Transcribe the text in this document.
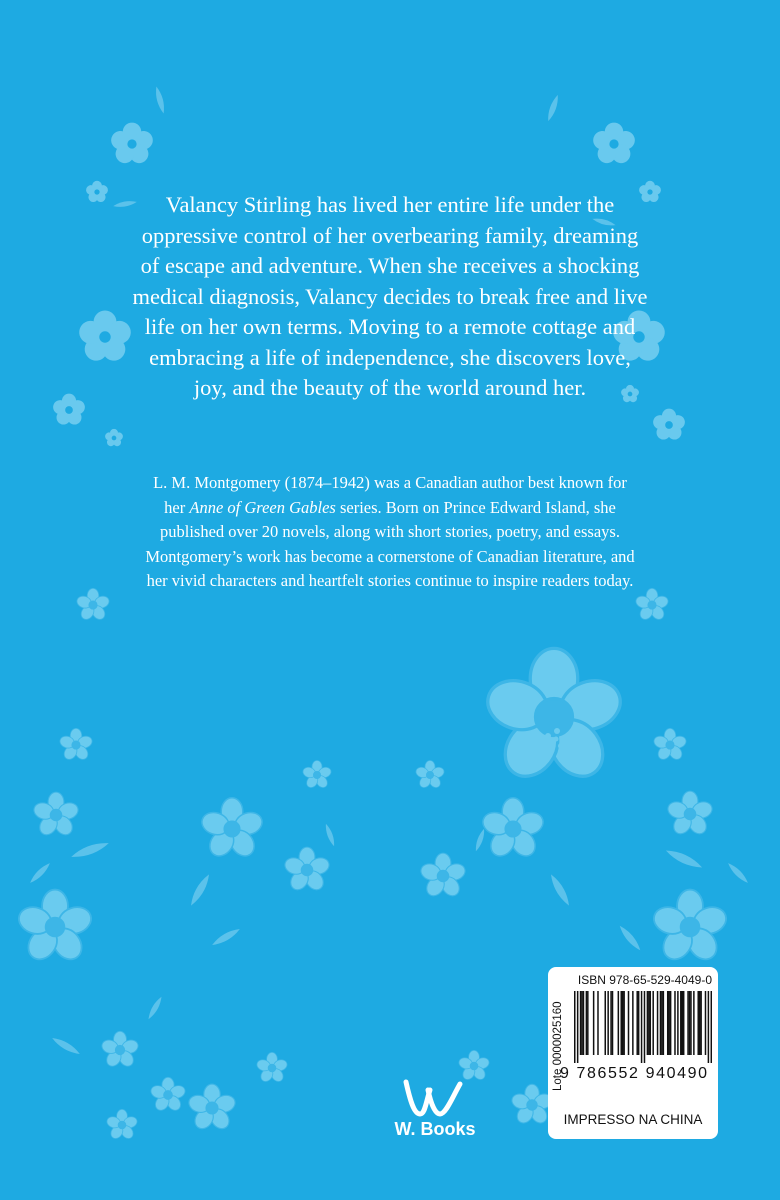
Valancy Stirling has lived her entire life under the oppressive control of her overbearing family, dreaming of escape and adventure. When she receives a shocking medical diagnosis, Valancy decides to break free and live life on her own terms. Moving to a remote cottage and embracing a life of independence, she discovers love, joy, and the beauty of the world around her.

L. M. Montgomery (1874–1942) was a Canadian author best known for her Anne of Green Gables series. Born on Prince Edward Island, she published over 20 novels, along with short stories, poetry, and essays. Montgomery’s work has become a cornerstone of Canadian literature, and her vivid characters and heartfelt stories continue to inspire readers today.

W. Books
ISBN 978-65-529-4049-0
Lote 0000025160
9 786552 940490
IMPRESSO NA CHINA
